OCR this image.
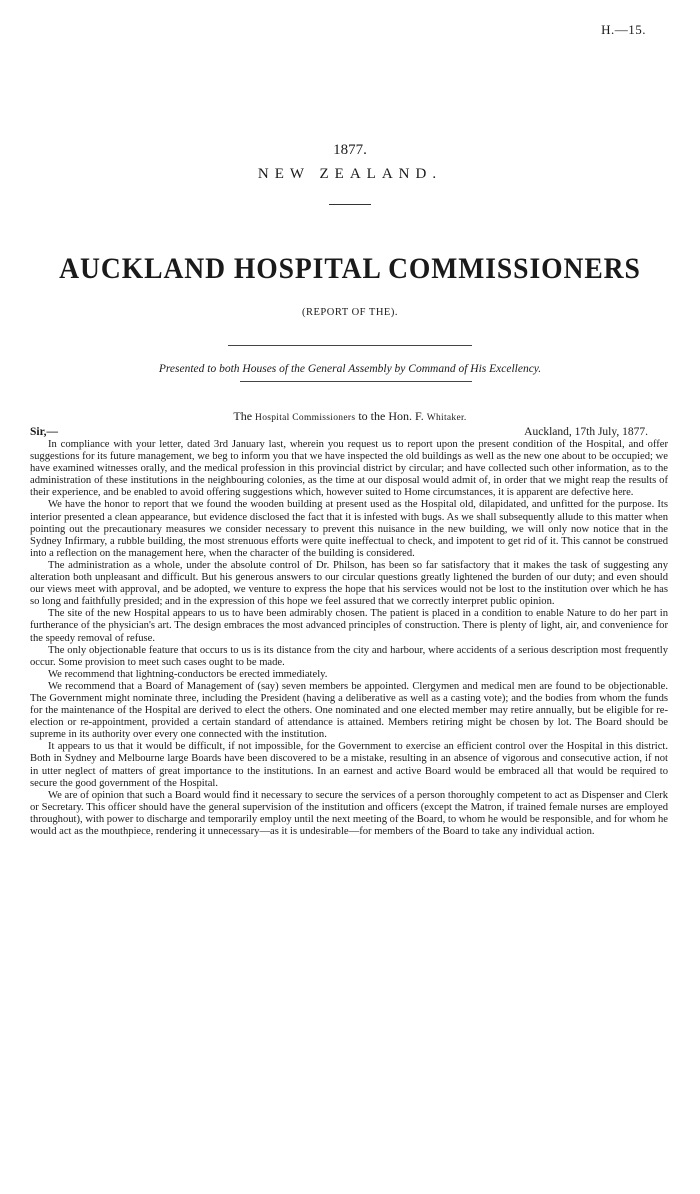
H.—15.
1877.
NEW ZEALAND.
AUCKLAND HOSPITAL COMMISSIONERS
(REPORT OF THE).
Presented to both Houses of the General Assembly by Command of His Excellency.
The Hospital Commissioners to the Hon. F. Whitaker.
Sir,—	Auckland, 17th July, 1877.

In compliance with your letter, dated 3rd January last, wherein you request us to report upon the present condition of the Hospital, and offer suggestions for its future management, we beg to inform you that we have inspected the old buildings as well as the new one about to be occupied; we have examined witnesses orally, and the medical profession in this provincial district by circular; and have collected such other information, as to the administration of these institutions in the neighbouring colonies, as the time at our disposal would admit of, in order that we might reap the results of their experience, and be enabled to avoid offering suggestions which, however suited to Home circumstances, it is apparent are defective here.

We have the honor to report that we found the wooden building at present used as the Hospital old, dilapidated, and unfitted for the purpose. Its interior presented a clean appearance, but evidence disclosed the fact that it is infested with bugs. As we shall subsequently allude to this matter when pointing out the precautionary measures we consider necessary to prevent this nuisance in the new building, we will only now notice that in the Sydney Infirmary, a rubble building, the most strenuous efforts were quite ineffectual to check, and impotent to get rid of it. This cannot be construed into a reflection on the management here, when the character of the building is considered.

The administration as a whole, under the absolute control of Dr. Philson, has been so far satisfactory that it makes the task of suggesting any alteration both unpleasant and difficult. But his generous answers to our circular questions greatly lightened the burden of our duty; and even should our views meet with approval, and be adopted, we venture to express the hope that his services would not be lost to the institution over which he has so long and faithfully presided; and in the expression of this hope we feel assured that we correctly interpret public opinion.

The site of the new Hospital appears to us to have been admirably chosen. The patient is placed in a condition to enable Nature to do her part in furtherance of the physician's art. The design embraces the most advanced principles of construction. There is plenty of light, air, and convenience for the speedy removal of refuse.

The only objectionable feature that occurs to us is its distance from the city and harbour, where accidents of a serious description most frequently occur. Some provision to meet such cases ought to be made.

We recommend that lightning-conductors be erected immediately.

We recommend that a Board of Management of (say) seven members be appointed. Clergymen and medical men are found to be objectionable. The Government might nominate three, including the President (having a deliberative as well as a casting vote); and the bodies from whom the funds for the maintenance of the Hospital are derived to elect the others. One nominated and one elected member may retire annually, but be eligible for re-election or re-appointment, provided a certain standard of attendance is attained. Members retiring might be chosen by lot. The Board should be supreme in its authority over every one connected with the institution.

It appears to us that it would be difficult, if not impossible, for the Government to exercise an efficient control over the Hospital in this district. Both in Sydney and Melbourne large Boards have been discovered to be a mistake, resulting in an absence of vigorous and consecutive action, if not in utter neglect of matters of great importance to the institutions. In an earnest and active Board would be embraced all that would be required to secure the good government of the Hospital.

We are of opinion that such a Board would find it necessary to secure the services of a person thoroughly competent to act as Dispenser and Clerk or Secretary. This officer should have the general supervision of the institution and officers (except the Matron, if trained female nurses are employed throughout), with power to discharge and temporarily employ until the next meeting of the Board, to whom he would be responsible, and for whom he would act as the mouthpiece, rendering it unnecessary—as it is undesirable—for members of the Board to take any individual action.
